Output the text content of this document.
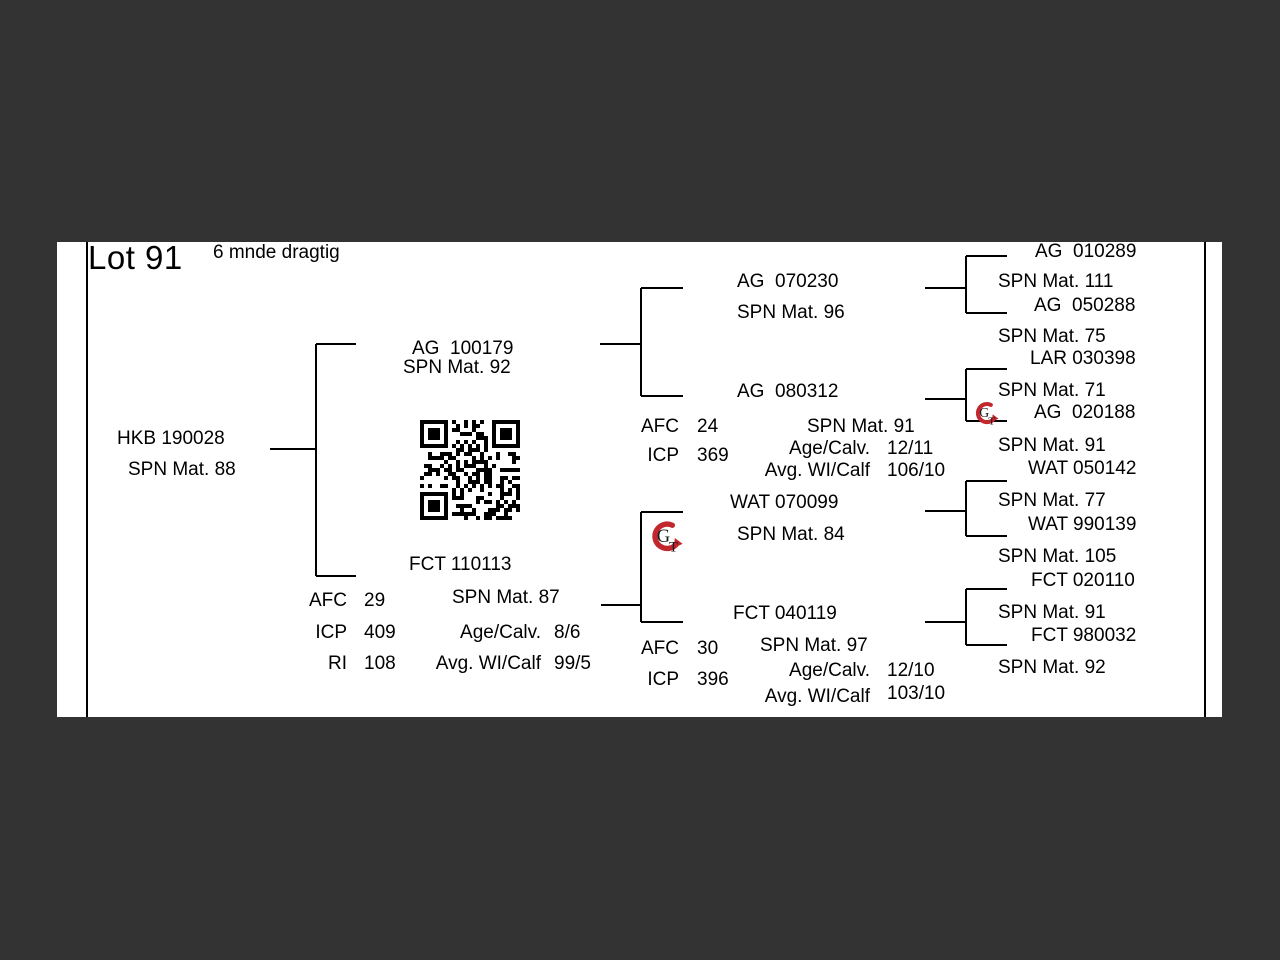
Lot 91 6 mnde dragtig
HKB 190028
SPN Mat. 88
AG  100179
SPN Mat. 92
FCT 110113
AFC 29	SPN Mat. 87
ICP 409	Age/Calv. 8/6
RI 108	Avg. WI/Calf 99/5
AG  070230
SPN Mat. 96
AG  080312
AFC 24	SPN Mat. 91
Age/Calv. 12/11
ICP 369
Avg. WI/Calf 106/10
WAT 070099
SPN Mat. 84
FCT 040119
AFC 30 SPN Mat. 97
Age/Calv. 12/10
ICP 396
Avg. WI/Calf 103/10
AG  010289
SPN Mat. 111
AG  050288
SPN Mat. 75
LAR 030398
SPN Mat. 71
AG  020188
SPN Mat. 91
WAT 050142
SPN Mat. 77
WAT 990139
SPN Mat. 105
FCT 020110
SPN Mat. 91
FCT 980032
SPN Mat. 92
G
T
G
T
